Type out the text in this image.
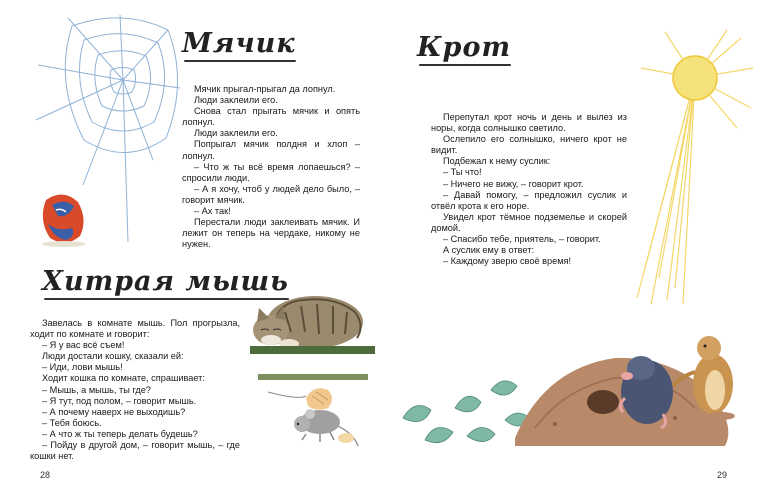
Мячик

Мячик прыгал-прыгал да лопнул.

Люди заклеили его.

Снова стал прыгать мячик и опять лопнул.

Люди заклеили его.

Попрыгал мячик полдня и хлоп – лопнул.

– Что ж ты всё время лопаешься? – спросили люди.

– А я хочу, чтоб у людей дело было, – говорит мячик.

– Ах так!

Перестали люди заклеивать мячик. И лежит он теперь на чердаке, никому не нужен.

Хитрая мышь

Завелась в комнате мышь. Пол прогрызла, ходит по комнате и говорит:

– Я у вас всё съем!

Люди достали кошку, сказали ей:

– Иди, лови мышь!

Ходит кошка по комнате, спрашивает:

– Мышь, а мышь, ты где?

– Я тут, под полом, – говорит мышь.

– А почему наверх не выходишь?

– Тебя боюсь.

– А что ж ты теперь делать будешь?

– Пойду в другой дом, – говорит мышь, – где кошки нет.

28
Крот

Перепутал крот ночь и день и вылез из норы, когда солнышко светило.

Ослепило его солнышко, ничего крот не видит.

Подбежал к нему суслик:

– Ты что!

– Ничего не вижу, – говорит крот.

– Давай помогу, – предложил суслик и отвёл крота к его норе.

Увидел крот тёмное подземелье и скорей домой.

– Спасибо тебе, приятель, – говорит.

А суслик ему в ответ:

– Каждому зверю своё время!

29
